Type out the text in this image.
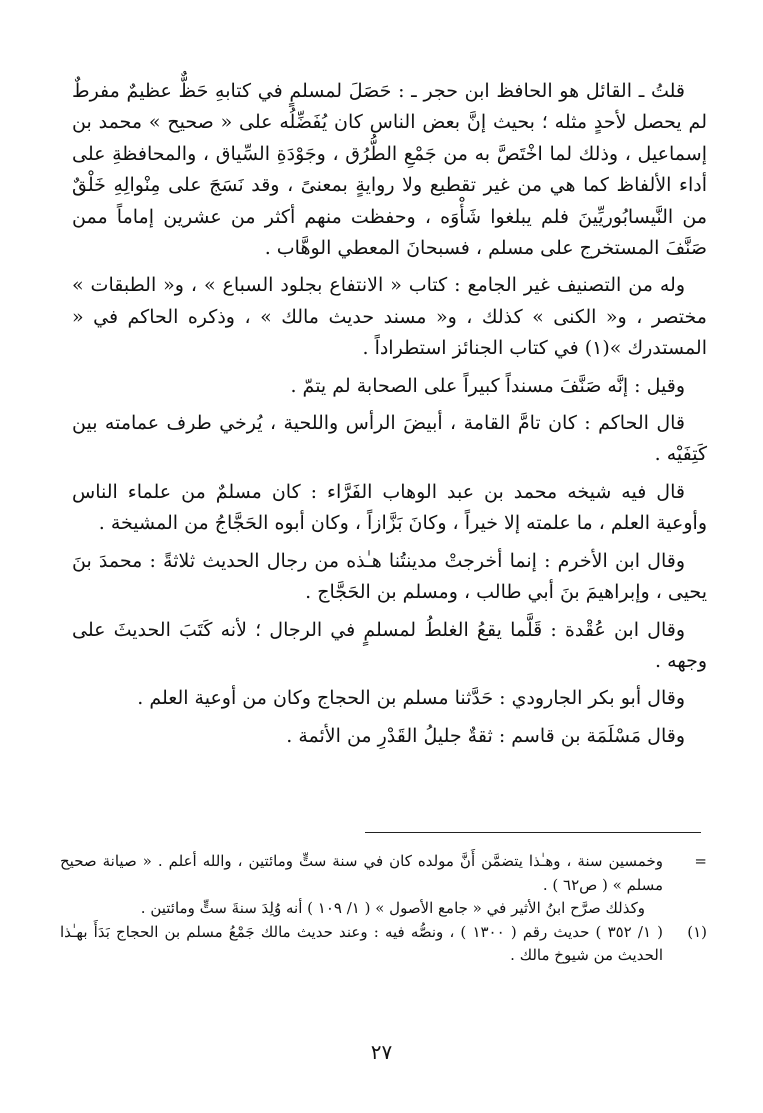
قلتُ ـ القائل هو الحافظ ابن حجر ـ : حَصَلَ لمسلمٍ في كتابهِ حَظٌّ عظيمٌ مفرطٌ لم يحصل لأحدٍ مثله ؛ بحيث إنَّ بعض الناس كان يُفَضِّلُه على « صحيح » محمد بن إسماعيل ، وذلك لما اخْتَصَّ به من جَمْعِ الطُّرُق ، وجَوْدَةِ السِّياق ، والمحافظةِ على أداء الألفاظ كما هي من غير تقطيع ولا روايةٍ بمعنىً ، وقد نَسَجَ على مِنْوالِهِ خَلْقٌ من النَّيسابُوريِّينَ فلم يبلغوا شَأْوَه ، وحفظت منهم أكثر من عشرين إماماً ممن صَنَّفَ المستخرج على مسلم ، فسبحانَ المعطي الوهَّاب .

وله من التصنيف غير الجامع : كتاب « الانتفاع بجلود السباع » ، و« الطبقات » مختصر ، و« الكنى » كذلك ، و« مسند حديث مالك » ، وذكره الحاكم في « المستدرك »(١) في كتاب الجنائز استطراداً .

وقيل : إنَّه صَنَّفَ مسنداً كبيراً على الصحابة لم يتمّ .

قال الحاكم : كان تامَّ القامة ، أبيضَ الرأس واللحية ، يُرخي طرف عمامته بين كَتِفَيْه .

قال فيه شيخه محمد بن عبد الوهاب الفَرَّاء : كان مسلمٌ من علماء الناس وأوعية العلم ، ما علمته إلا خيراً ، وكانَ بَزَّازاً ، وكان أبوه الحَجَّاجُ من المشيخة .

وقال ابن الأخرم : إنما أخرجتْ مدينتُنا هـٰذه من رجال الحديث ثلاثةً : محمدَ بنَ يحيى ، وإبراهيمَ بنَ أبي طالب ، ومسلم بن الحَجَّاج .

وقال ابن عُقْدة : قَلَّما يقعُ الغلطُ لمسلمٍ في الرجال ؛ لأنه كَتَبَ الحديثَ على وجهه .

وقال أبو بكر الجارودي : حَدَّثنا مسلم بن الحجاج وكان من أوعية العلم .

وقال مَسْلَمَة بن قاسم : ثقةٌ جليلُ القَدْرِ من الأئمة .

=

وخمسين سنة ، وهـٰذا يتضمَّن أَنَّ مولده كان في سنة ستٍّ ومائتين ، والله أعلم . « صيانة صحيح مسلم » ( ص٦٢ ) .

وكذلك صرَّح ابنُ الأثير في « جامع الأصول » ( ١/ ١٠٩ ) أنه وُلِدَ سنةَ ستٍّ ومائتين .

(١)

( ١/ ٣٥٢ ) حديث رقم ( ١٣٠٠ ) ، ونصُّه فيه : وعند حديث مالك جَمْعُ مسلم بن الحجاج بَدَأَ بهـٰذا الحديث من شيوخ مالك .

٢٧
